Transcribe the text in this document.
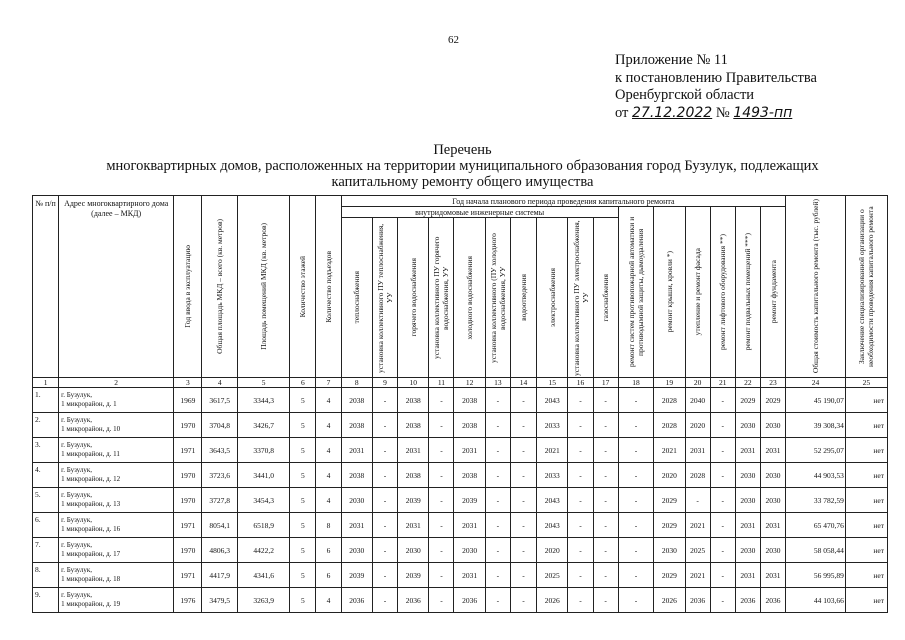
62
Приложение № 11
к постановлению Правительства
Оренбургской области
от 27.12.2022 № 1493-пп
Перечень
многоквартирных домов, расположенных на территории муниципального образования город Бузулук, подлежащих
капитальному ремонту общего имущества
№ п/п	Адрес многоквартирного дома (далее – МКД)	Год ввода в эксплуатацию	Общая площадь МКД – всего (кв. метров)	Площадь помещений МКД (кв. метров)	Количество этажей	Количество подъездов	Год начала планового периода проведения капитального ремонта																Общая стоимость капитального ремонта (тыс. рублей)	Заключение специализированной организации о необходимости проведения капитального ремонта

							внутридомовые инженерные системы										ремонт систем противопожарной автоматики и противодымной защиты, дымоудаления	ремонт крыши, кровли *)	утепление и ремонт фасада	ремонт лифтового оборудования **)	ремонт подвальных помещений ***)	ремонт фундамента		

							теплоснабжения	установка коллективного ПУ теплоснабжения, УУ	горячего водоснабжения	установка коллективного ПУ горячего водоснабжения, УУ	холодного водоснабжения	установка коллективного (ПУ холодного водоснабжения, УУ	водоотведения	электроснабжения	установка коллективного ПУ электроснабжения, УУ	газоснабжения								

1	2	3	4	5	6	7	8	9	10	11	12	13	14	15	16	17	18	19	20	21	22	23	24	25
1.	г. Бузулук,
1 микрорайон, д. 1	1969	3617,5	3344,3	5	4	2038	-	2038	-	2038	-	-	2043	-	-	-	2028	2040	-	2029	2029	45 190,07	нет
2.	г. Бузулук,
1 микрорайон, д. 10	1970	3704,8	3426,7	5	4	2038	-	2038	-	2038	-	-	2033	-	-	-	2028	2020	-	2030	2030	39 308,34	нет
3.	г. Бузулук,
1 микрорайон, д. 11	1971	3643,5	3370,8	5	4	2031	-	2031	-	2031	-	-	2021	-	-	-	2021	2031	-	2031	2031	52 295,07	нет
4.	г. Бузулук,
1 микрорайон, д. 12	1970	3723,6	3441,0	5	4	2038	-	2038	-	2038	-	-	2033	-	-	-	2020	2028	-	2030	2030	44 903,53	нет
5.	г. Бузулук,
1 микрорайон, д. 13	1970	3727,8	3454,3	5	4	2030	-	2039	-	2039	-	-	2043	-	-	-	2029	-	-	2030	2030	33 782,59	нет
6.	г. Бузулук,
1 микрорайон, д. 16	1971	8054,1	6518,9	5	8	2031	-	2031	-	2031	-	-	2043	-	-	-	2029	2021	-	2031	2031	65 470,76	нет
7.	г. Бузулук,
1 микрорайон, д. 17	1970	4806,3	4422,2	5	6	2030	-	2030	-	2030	-	-	2020	-	-	-	2030	2025	-	2030	2030	58 058,44	нет
8.	г. Бузулук,
1 микрорайон, д. 18	1971	4417,9	4341,6	5	6	2039	-	2039	-	2031	-	-	2025	-	-	-	2029	2021	-	2031	2031	56 995,89	нет
9.	г. Бузулук,
1 микрорайон, д. 19	1976	3479,5	3263,9	5	4	2036	-	2036	-	2036	-	-	2026	-	-	-	2026	2036	-	2036	2036	44 103,66	нет
